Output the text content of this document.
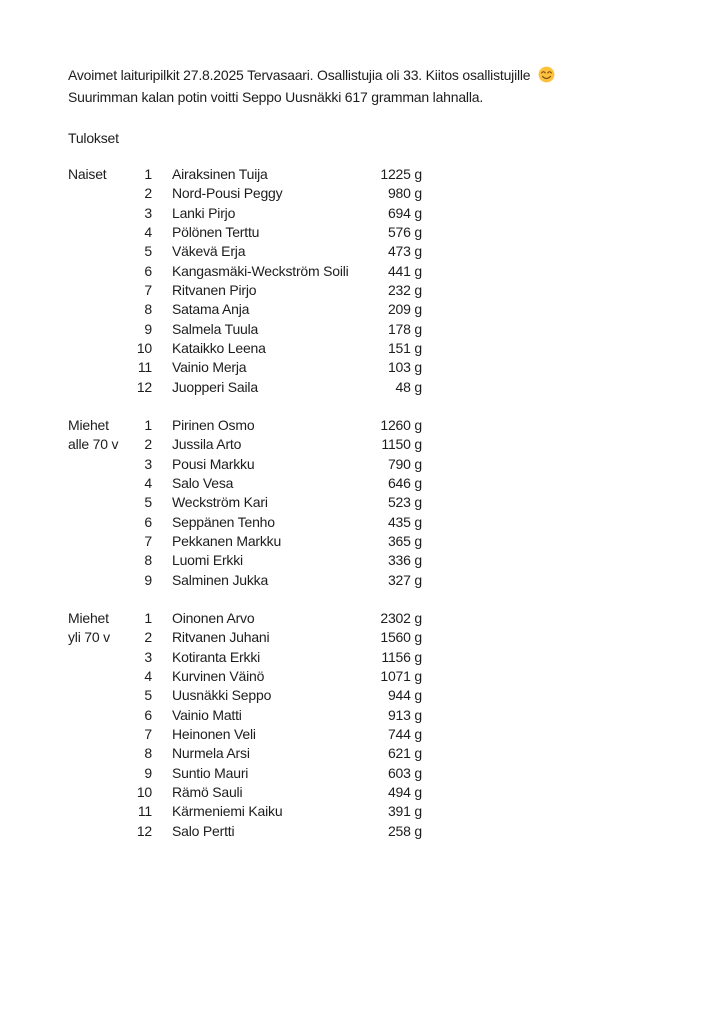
Avoimet laituripilkit 27.8.2025 Tervasaari. Osallistujia oli 33. Kiitos osallistujille
Suurimman kalan potin voitti Seppo Uusnäkki 617 gramman lahnalla.
Tulokset
Naiset	1	Airaksinen Tuija	1225 g
2	Nord-Pousi Peggy	980 g
3	Lanki Pirjo	694 g
4	Pölönen Terttu	576 g
5	Väkevä Erja	473 g
6	Kangasmäki-Weckström Soili	441 g
7	Ritvanen Pirjo	232 g
8	Satama Anja	209 g
9	Salmela Tuula	178 g
10	Kataikko Leena	151 g
11	Vainio Merja	103 g
12	Juopperi Saila	48 g
Miehet
alle 70 v
1	Pirinen Osmo	1260 g
2	Jussila Arto	1150 g
3	Pousi Markku	790 g
4	Salo Vesa	646 g
5	Weckström Kari	523 g
6	Seppänen Tenho	435 g
7	Pekkanen Markku	365 g
8	Luomi Erkki	336 g
9	Salminen Jukka	327 g
Miehet
yli 70 v
1	Oinonen Arvo	2302 g
2	Ritvanen Juhani	1560 g
3	Kotiranta Erkki	1156 g
4	Kurvinen Väinö	1071 g
5	Uusnäkki Seppo	944 g
6	Vainio Matti	913 g
7	Heinonen Veli	744 g
8	Nurmela Arsi	621 g
9	Suntio Mauri	603 g
10	Rämö Sauli	494 g
11	Kärmeniemi Kaiku	391 g
12	Salo Pertti	258 g
